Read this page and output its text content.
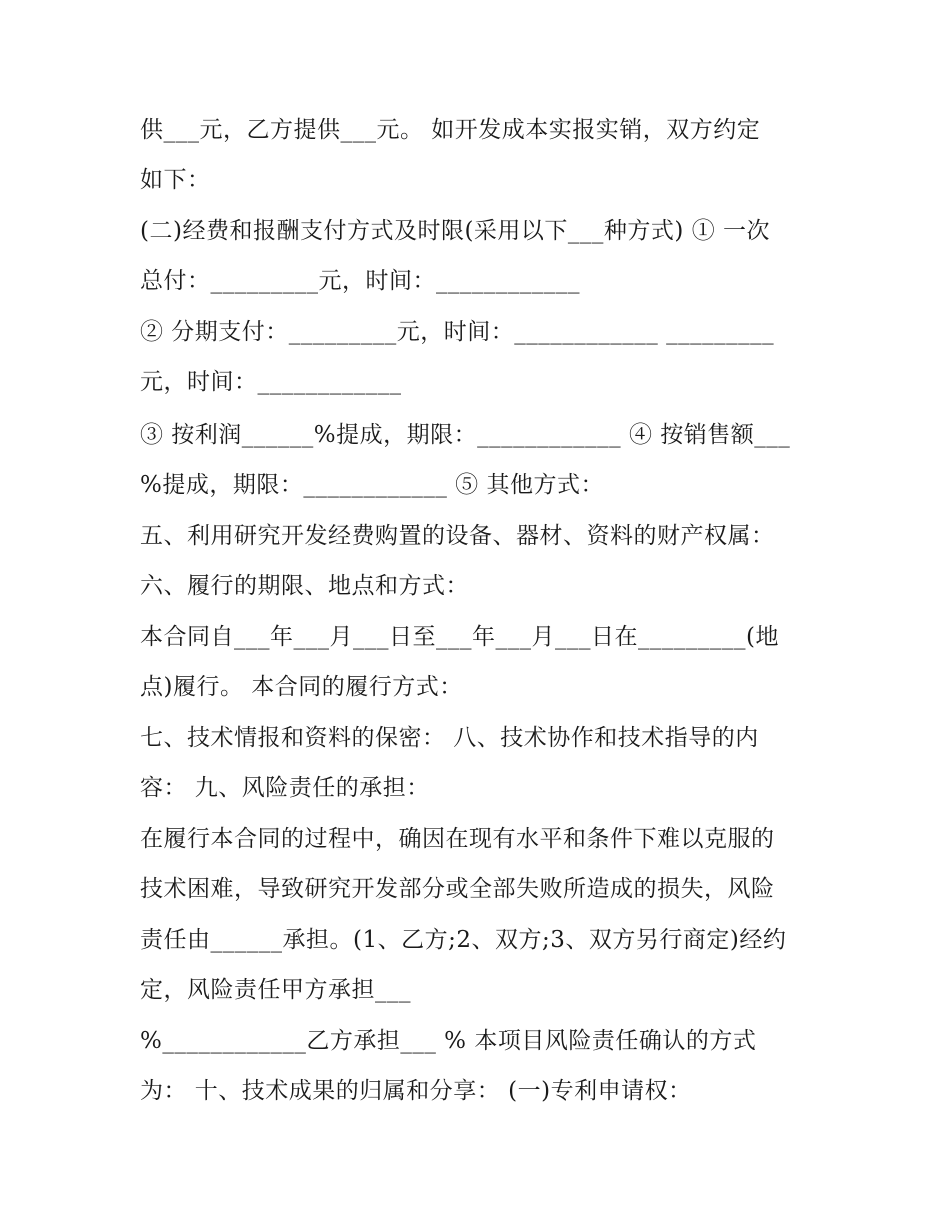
供___元，乙方提供___元。 如开发成本实报实销，双方约定
如下：
(二)经费和报酬支付方式及时限(采用以下___种方式) ① 一次
总付：_________元，时间：____________
② 分期支付：_________元，时间：____________ _________
元，时间：____________
③ 按利润______%提成，期限：____________ ④ 按销售额___
%提成，期限：____________ ⑤ 其他方式：
五、利用研究开发经费购置的设备、器材、资料的财产权属：
六、履行的期限、地点和方式：
本合同自___年___月___日至___年___月___日在_________(地
点)履行。 本合同的履行方式：
七、技术情报和资料的保密： 八、技术协作和技术指导的内
容： 九、风险责任的承担：
在履行本合同的过程中，确因在现有水平和条件下难以克服的
技术困难，导致研究开发部分或全部失败所造成的损失，风险
责任由______承担。(1、乙方;2、双方;3、双方另行商定)经约
定，风险责任甲方承担___
%____________乙方承担___ % 本项目风险责任确认的方式
为： 十、技术成果的归属和分享： (一)专利申请权：
